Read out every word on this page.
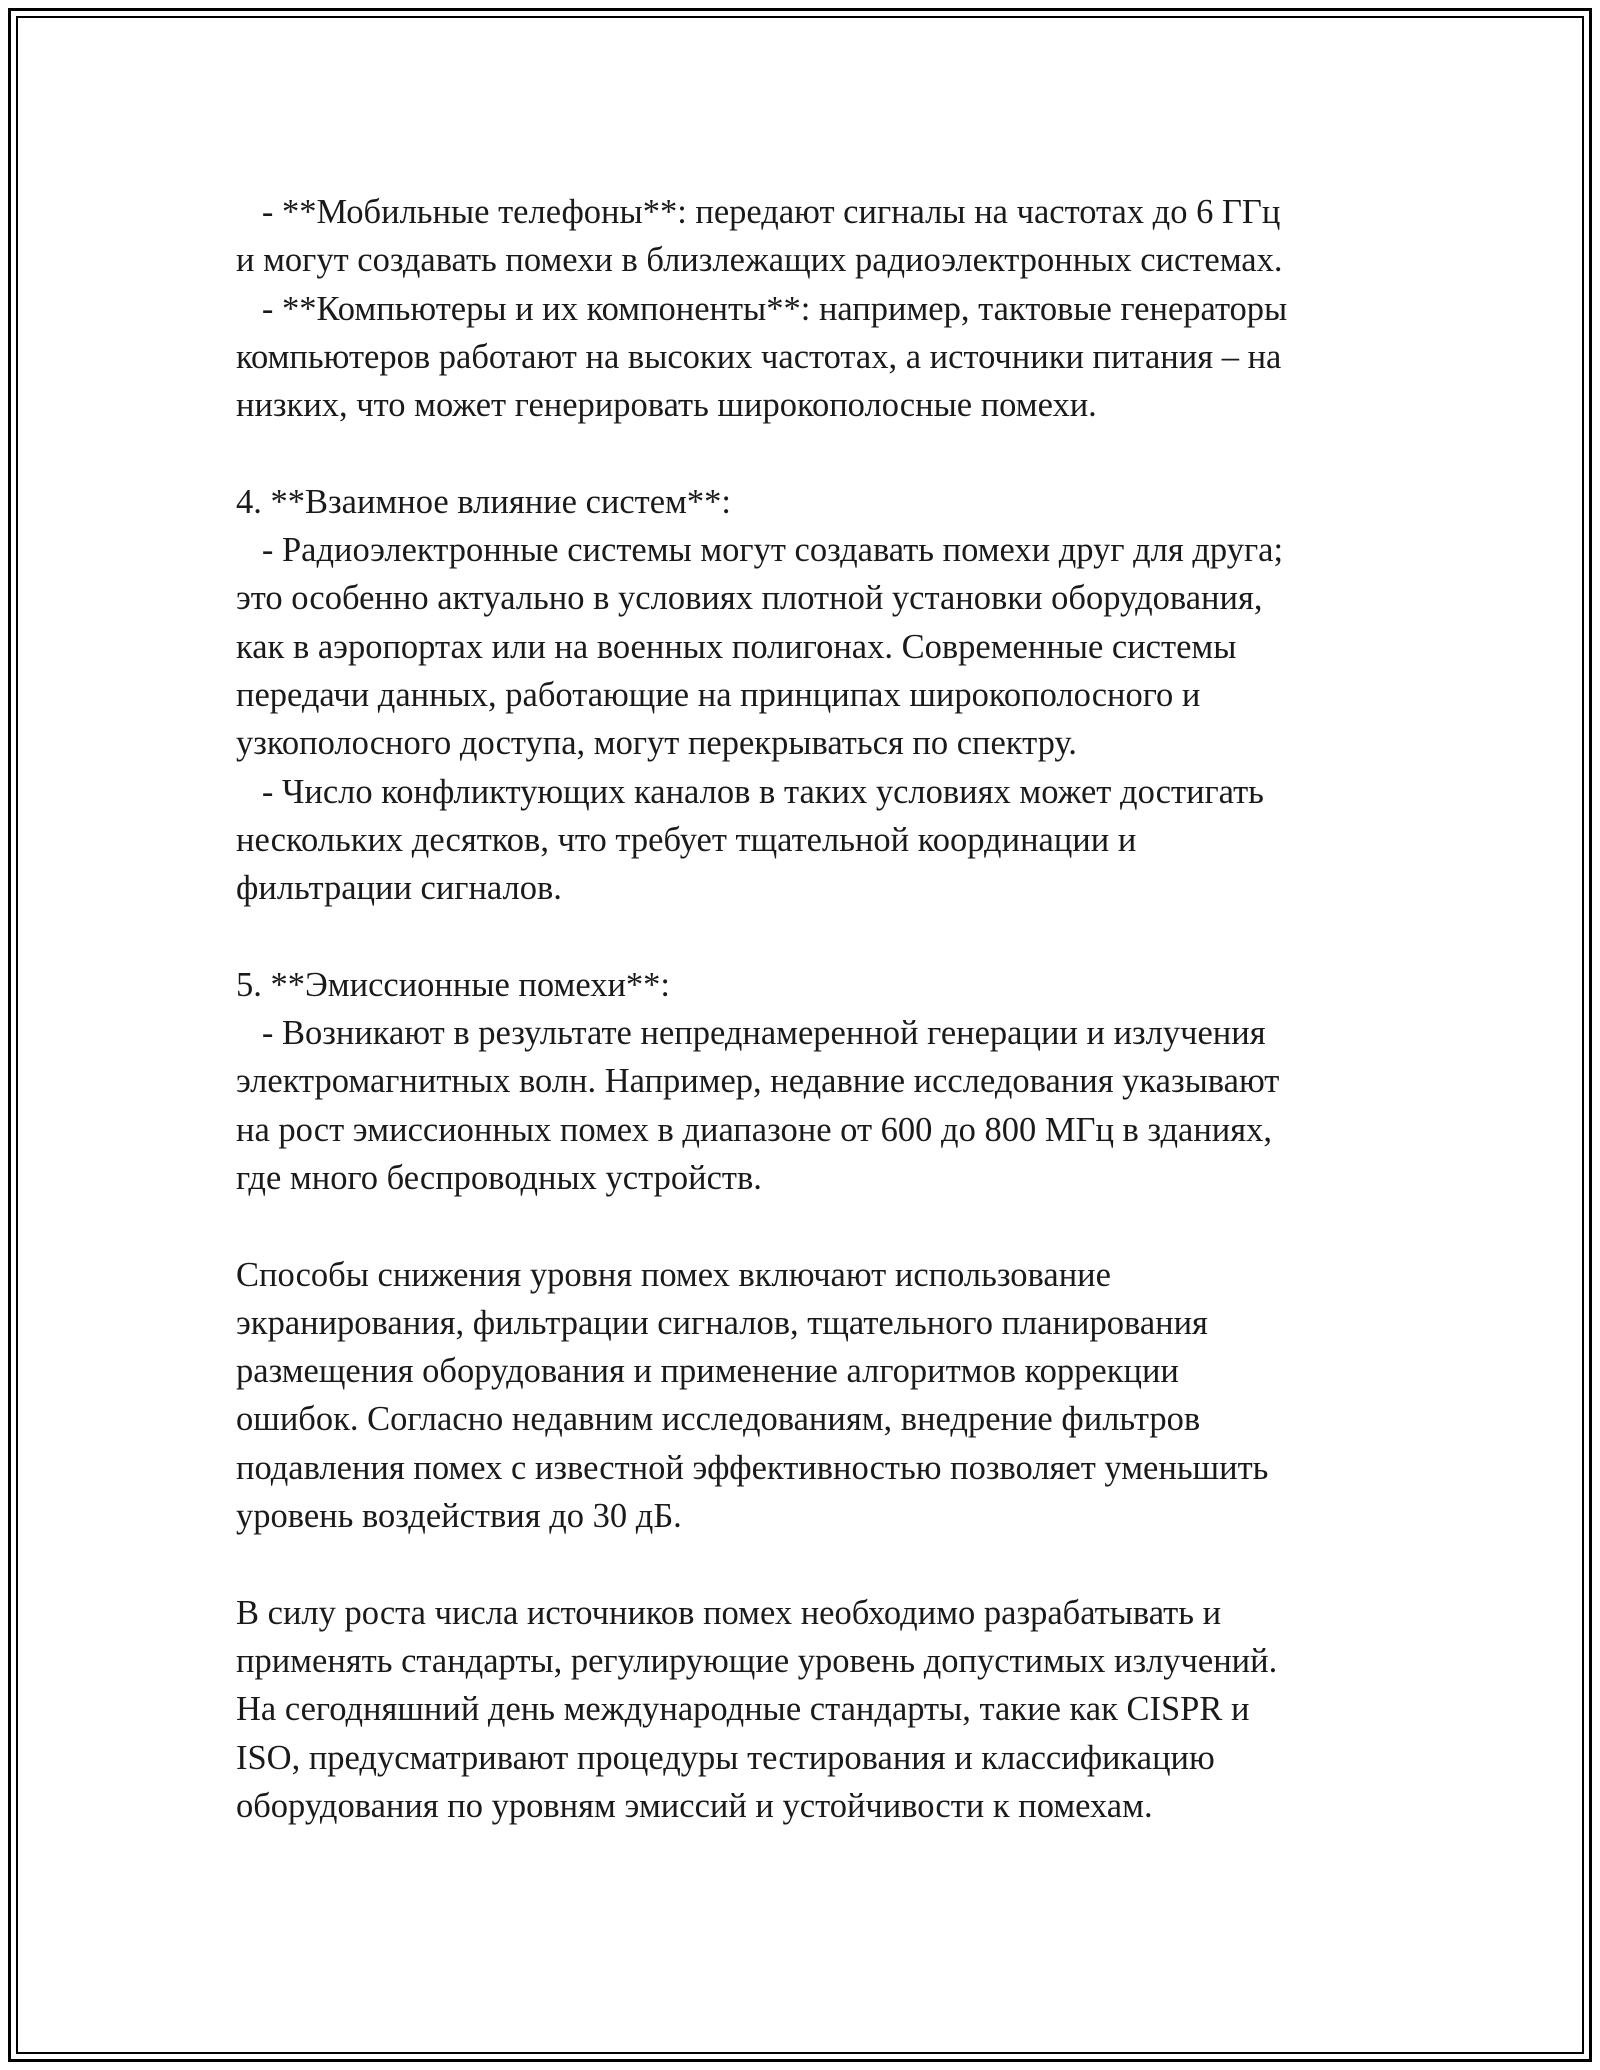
- **Мобильные телефоны**: передают сигналы на частотах до 6 ГГц
и могут создавать помехи в близлежащих радиоэлектронных системах.
- **Компьютеры и их компоненты**: например, тактовые генераторы
компьютеров работают на высоких частотах, а источники питания – на
низких, что может генерировать широкополосные помехи.
4. **Взаимное влияние систем**:
- Радиоэлектронные системы могут создавать помехи друг для друга;
это особенно актуально в условиях плотной установки оборудования,
как в аэропортах или на военных полигонах. Современные системы
передачи данных, работающие на принципах широкополосного и
узкополосного доступа, могут перекрываться по спектру.
- Число конфликтующих каналов в таких условиях может достигать
нескольких десятков, что требует тщательной координации и
фильтрации сигналов.
5. **Эмиссионные помехи**:
- Возникают в результате непреднамеренной генерации и излучения
электромагнитных волн. Например, недавние исследования указывают
на рост эмиссионных помех в диапазоне от 600 до 800 МГц в зданиях,
где много беспроводных устройств.
Способы снижения уровня помех включают использование
экранирования, фильтрации сигналов, тщательного планирования
размещения оборудования и применение алгоритмов коррекции
ошибок. Согласно недавним исследованиям, внедрение фильтров
подавления помех с известной эффективностью позволяет уменьшить
уровень воздействия до 30 дБ.
В силу роста числа источников помех необходимо разрабатывать и
применять стандарты, регулирующие уровень допустимых излучений.
На сегодняшний день международные стандарты, такие как CISPR и
ISO, предусматривают процедуры тестирования и классификацию
оборудования по уровням эмиссий и устойчивости к помехам.
